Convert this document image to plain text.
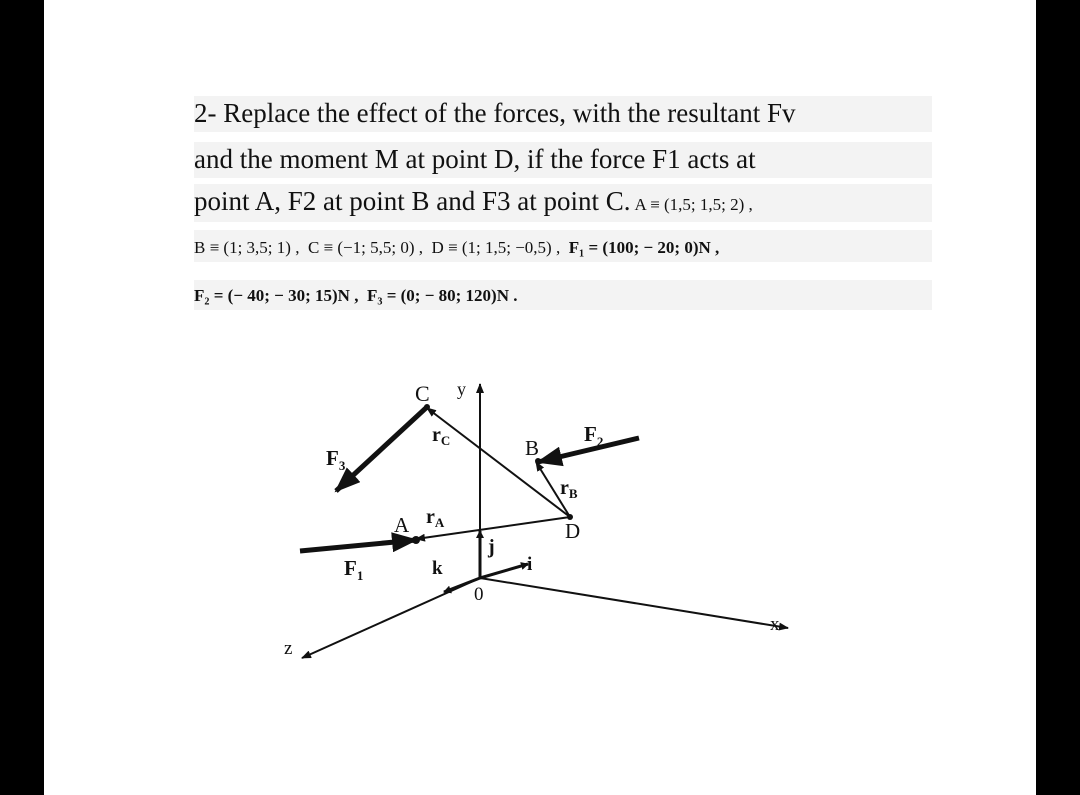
2- Replace the effect of the forces, with the resultant Fv
and the moment M at point D, if the force F1 acts at
point A, F2 at point B and F3 at point C. A ≡ (1,5; 1,5; 2) ,
B ≡ (1; 3,5; 1) , C ≡ (−1; 5,5; 0) , D ≡ (1; 1,5; −0,5) , F₁ = (100; − 20; 0)N ,
F₂ = (− 40; − 30; 15)N , F₃ = (0; − 80; 120)N .
C y
$r_C$	B
$F_2$
$F_3$
$r_B$
A $r_A$	D
j
$F_1$	k	i
0
x
z
